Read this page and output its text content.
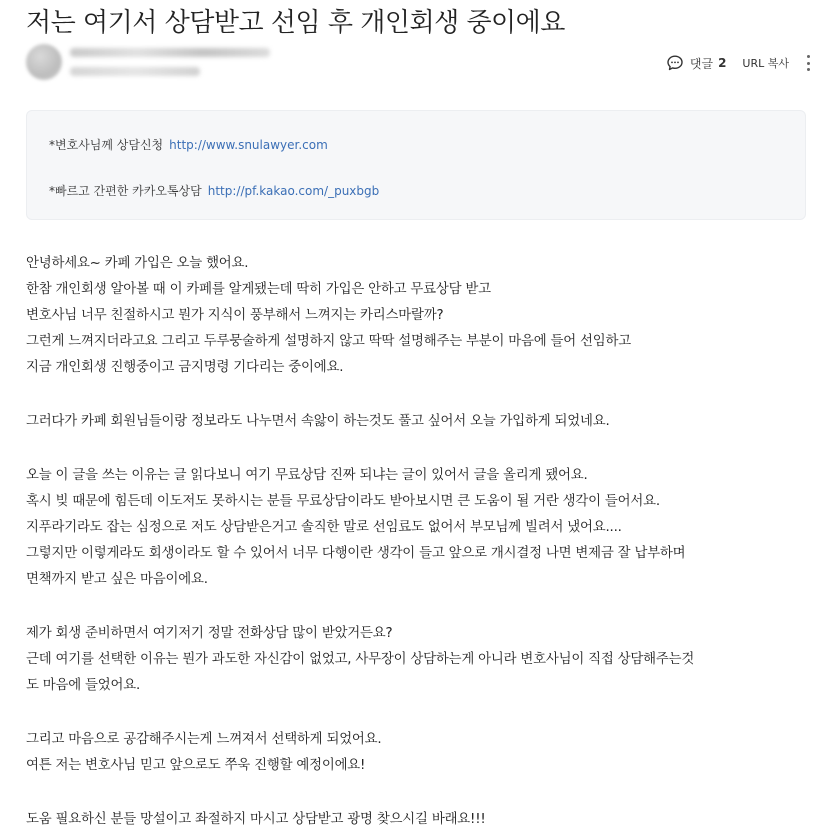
저는 여기서 상담받고 선임 후 개인회생 중이에요
댓글 2 URL 복사
*변호사님께 상담신청 http://www.snulawyer.com
*빠르고 간편한 카카오톡상담 http://pf.kakao.com/_puxbgb

안녕하세요~ 카페 가입은 오늘 했어요.

한참 개인회생 알아볼 때 이 카페를 알게됐는데 딱히 가입은 안하고 무료상담 받고

변호사님 너무 친절하시고 뭔가 지식이 풍부해서 느껴지는 카리스마랄까?

그런게 느껴지더라고요 그리고 두루뭉술하게 설명하지 않고 딱딱 설명해주는 부분이 마음에 들어 선임하고

지금 개인회생 진행중이고 금지명령 기다리는 중이에요.

그러다가 카페 회원님들이랑 정보라도 나누면서 속앓이 하는것도 풀고 싶어서 오늘 가입하게 되었네요.

오늘 이 글을 쓰는 이유는 글 읽다보니 여기 무료상담 진짜 되냐는 글이 있어서 글을 올리게 됐어요.

혹시 빚 때문에 힘든데 이도저도 못하시는 분들 무료상담이라도 받아보시면 큰 도움이 될 거란 생각이 들어서요.

지푸라기라도 잡는 심정으로 저도 상담받은거고 솔직한 말로 선임료도 없어서 부모님께 빌려서 냈어요....

그렇지만 이렇게라도 회생이라도 할 수 있어서 너무 다행이란 생각이 들고 앞으로 개시결정 나면 변제금 잘 납부하며

면책까지 받고 싶은 마음이에요.

제가 회생 준비하면서 여기저기 정말 전화상담 많이 받았거든요?

근데 여기를 선택한 이유는 뭔가 과도한 자신감이 없었고, 사무장이 상담하는게 아니라 변호사님이 직접 상담해주는것

도 마음에 들었어요.

그리고 마음으로 공감해주시는게 느껴져서 선택하게 되었어요.

여튼 저는 변호사님 믿고 앞으로도 쭈욱 진행할 예정이에요!

도움 필요하신 분들 망설이고 좌절하지 마시고 상담받고 광명 찾으시길 바래요!!!
